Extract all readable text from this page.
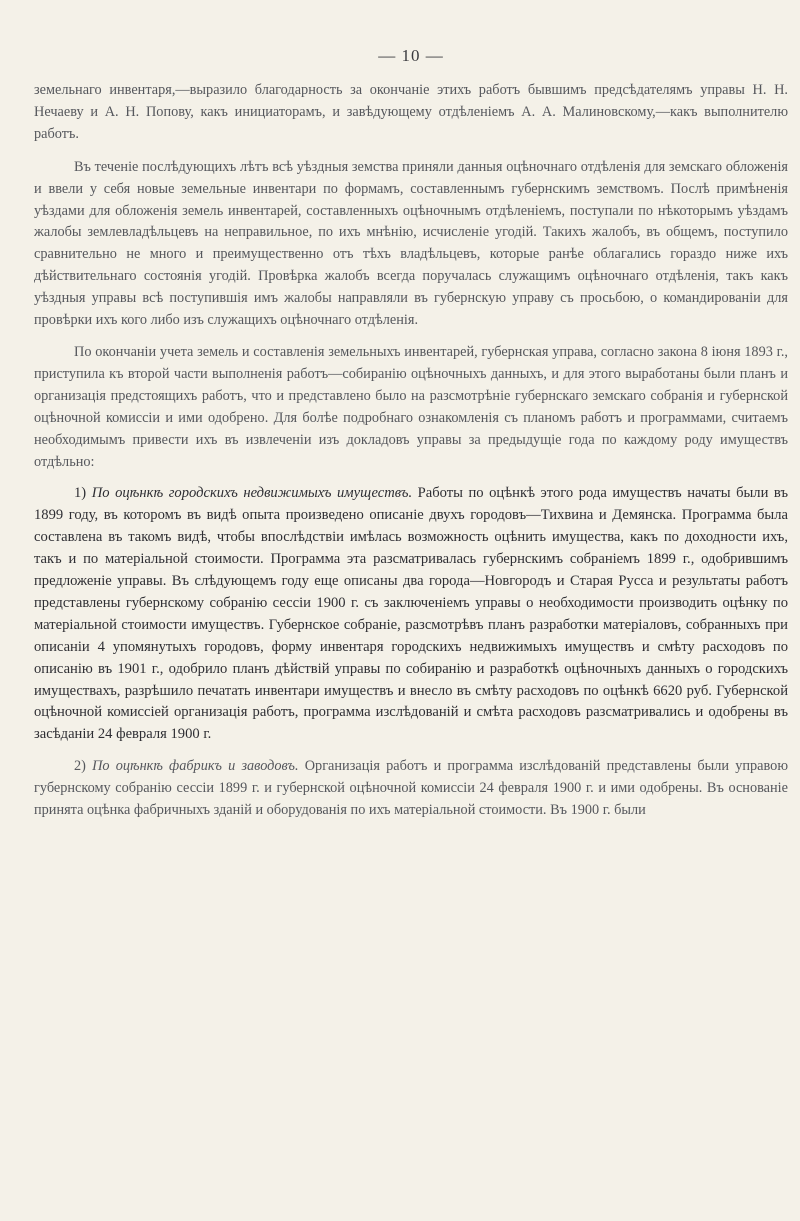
— 10 —

земельнаго инвентаря,—выразило благодарность за окончаніе этихъ работъ бывшимъ предсѣдателямъ управы Н. Н. Нечаеву и А. Н. Попову, какъ инициаторамъ, и завѣдующему отдѣленіемъ А. А. Малиновскому,—какъ выполнителю работъ.

Въ теченіе послѣдующихъ лѣтъ всѣ уѣздныя земства приняли данныя оцѣночнаго отдѣленія для земскаго обложенія и ввели у себя новые земельные инвентари по формамъ, составленнымъ губернскимъ земствомъ. Послѣ примѣненія уѣздами для обложенія земель инвентарей, составленныхъ оцѣночнымъ отдѣленіемъ, поступали по нѣкоторымъ уѣздамъ жалобы землевладѣльцевъ на неправильное, по ихъ мнѣнію, исчисленіе угодій. Такихъ жалобъ, въ общемъ, поступило сравнительно не много и преимущественно отъ тѣхъ владѣльцевъ, которые ранѣе облагались гораздо ниже ихъ дѣйствительнаго состоянія угодій. Провѣрка жалобъ всегда поручалась служащимъ оцѣночнаго отдѣленія, такъ какъ уѣздныя управы всѣ поступившія имъ жалобы направляли въ губернскую управу съ просьбою, о командированіи для провѣрки ихъ кого либо изъ служащихъ оцѣночнаго отдѣленія.

По окончаніи учета земель и составленія земельныхъ инвентарей, губернская управа, согласно закона 8 іюня 1893 г., приступила къ второй части выполненія работъ—собиранію оцѣночныхъ данныхъ, и для этого выработаны были планъ и организація предстоящихъ работъ, что и представлено было на разсмотрѣніе губернскаго земскаго собранія и губернской оцѣночной комиссіи и ими одобрено. Для болѣе подробнаго ознакомленія съ планомъ работъ и программами, считаемъ необходимымъ привести ихъ въ извлеченіи изъ докладовъ управы за предыдущіе года по каждому роду имуществъ отдѣльно:

1) По оцѣнкѣ городскихъ недвижимыхъ имуществъ. Работы по оцѣнкѣ этого рода имуществъ начаты были въ 1899 году, въ которомъ въ видѣ опыта произведено описаніе двухъ городовъ—Тихвина и Демянска. Программа была составлена въ такомъ видѣ, чтобы впослѣдствіи имѣлась возможность оцѣнить имущества, какъ по доходности ихъ, такъ и по матеріальной стоимости. Программа эта разсматривалась губернскимъ собраніемъ 1899 г., одобрившимъ предложеніе управы. Въ слѣдующемъ году еще описаны два города—Новгородъ и Старая Русса и результаты работъ представлены губернскому собранію сессіи 1900 г. съ заключеніемъ управы о необходимости производить оцѣнку по матеріальной стоимости имуществъ. Губернское собраніе, разсмотрѣвъ планъ разработки матеріаловъ, собранныхъ при описаніи 4 упомянутыхъ городовъ, форму инвентаря городскихъ недвижимыхъ имуществъ и смѣту расходовъ по описанію въ 1901 г., одобрило планъ дѣйствій управы по собиранію и разработкѣ оцѣночныхъ данныхъ о городскихъ имуществахъ, разрѣшило печатать инвентари имуществъ и внесло въ смѣту расходовъ по оцѣнкѣ 6620 руб. Губернской оцѣночной комиссіей организація работъ, программа изслѣдованій и смѣта расходовъ разсматривались и одобрены въ засѣданіи 24 февраля 1900 г.

2) По оцѣнкѣ фабрикъ и заводовъ. Организація работъ и программа изслѣдованій представлены были управою губернскому собранію сессіи 1899 г. и губернской оцѣночной комиссіи 24 февраля 1900 г. и ими одобрены. Въ основаніе принята оцѣнка фабричныхъ зданій и оборудованія по ихъ матеріальной стоимости. Въ 1900 г. были
